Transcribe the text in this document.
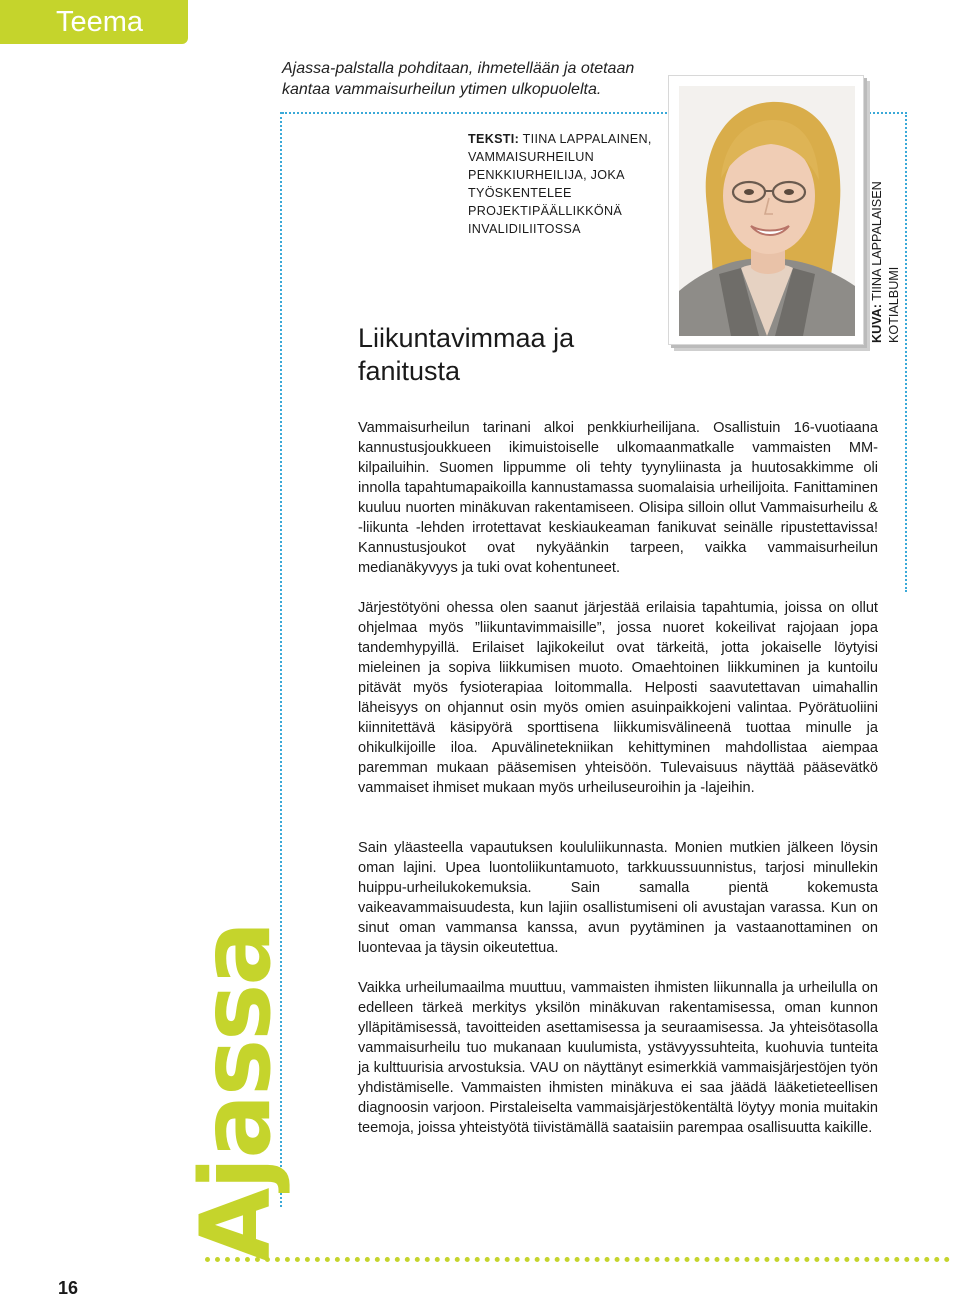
Teema

Ajassa-palstalla pohditaan, ihmetellään ja otetaan kantaa vammaisurheilun ytimen ulkopuolelta.

TEKSTI: TIINA LAPPALAINEN, VAMMAISURHEILUN PENKKIURHEILIJA, JOKA TYÖSKENTELEE PROJEKTIPÄÄLLIKKÖNÄ INVALIDILIITOSSA
Liikuntavimmaa ja fanitusta
KUVA: TIINA LAPPALAISEN KOTIALBUMI

Vammaisurheilun tarinani alkoi penkkiurheilijana. Osallistuin 16-vuotiaana kannustusjoukkueen ikimuistoiselle ulkomaanmatkalle vammaisten MM-kilpailuihin. Suomen lippumme oli tehty tyynyliinasta ja huutosakkimme oli innolla tapahtumapaikoilla kannustamassa suomalaisia urheilijoita. Fanittaminen kuuluu nuorten minäkuvan rakentamiseen. Olisipa silloin ollut Vammaisurheilu & -liikunta -lehden irrotettavat keskiaukeaman fanikuvat seinälle ripustettavissa! Kannustusjoukot ovat nykyäänkin tarpeen, vaikka vammaisurheilun medianäkyvyys ja tuki ovat kohentuneet.

Järjestötyöni ohessa olen saanut järjestää erilaisia tapahtumia, joissa on ollut ohjelmaa myös ”liikuntavimmaisille”, jossa nuoret kokeilivat rajojaan jopa tandemhypyillä. Erilaiset lajikokeilut ovat tärkeitä, jotta jokaiselle löytyisi mieleinen ja sopiva liikkumisen muoto. Omaehtoinen liikkuminen ja kuntoilu pitävät myös fysioterapiaa loitommalla. Helposti saavutettavan uimahallin läheisyys on ohjannut osin myös omien asuinpaikkojeni valintaa. Pyörätuoliini kiinnitettävä käsipyörä sporttisena liikkumisvälineenä tuottaa minulle ja ohikulkijoille iloa. Apuvälinetekniikan kehittyminen mahdollistaa aiempaa paremman mukaan pääsemisen yhteisöön. Tulevaisuus näyttää pääsevätkö vammaiset ihmiset mukaan myös urheiluseuroihin ja -lajeihin.

Sain yläasteella vapautuksen koululiikunnasta. Monien mutkien jälkeen löysin oman lajini. Upea luontoliikuntamuoto, tarkkuussuunnistus, tarjosi minullekin huippu-urheilukokemuksia. Sain samalla pientä kokemusta vaikeavammaisuudesta, kun lajiin osallistumiseni oli avustajan varassa. Kun on sinut oman vammansa kanssa, avun pyytäminen ja vastaanottaminen on luontevaa ja täysin oikeutettua.

Vaikka urheilumaailma muuttuu, vammaisten ihmisten liikunnalla ja urheilulla on edelleen tärkeä merkitys yksilön minäkuvan rakentamisessa, oman kunnon ylläpitämisessä, tavoitteiden asettamisessa ja seuraamisessa. Ja yhteisötasolla vammaisurheilu tuo mukanaan kuulumista, ystävyyssuhteita, kuohuvia tunteita ja kulttuurisia arvostuksia. VAU on näyttänyt esimerkkiä vammaisjärjestöjen työn yhdistämiselle. Vammaisten ihmisten minäkuva ei saa jäädä lääketieteellisen diagnoosin varjoon. Pirstaleiselta vammaisjärjestökentältä löytyy monia muitakin teemoja, joissa yhteistyötä tiivistämällä saataisiin parempaa osallisuutta kaikille.

Ajassa
16
